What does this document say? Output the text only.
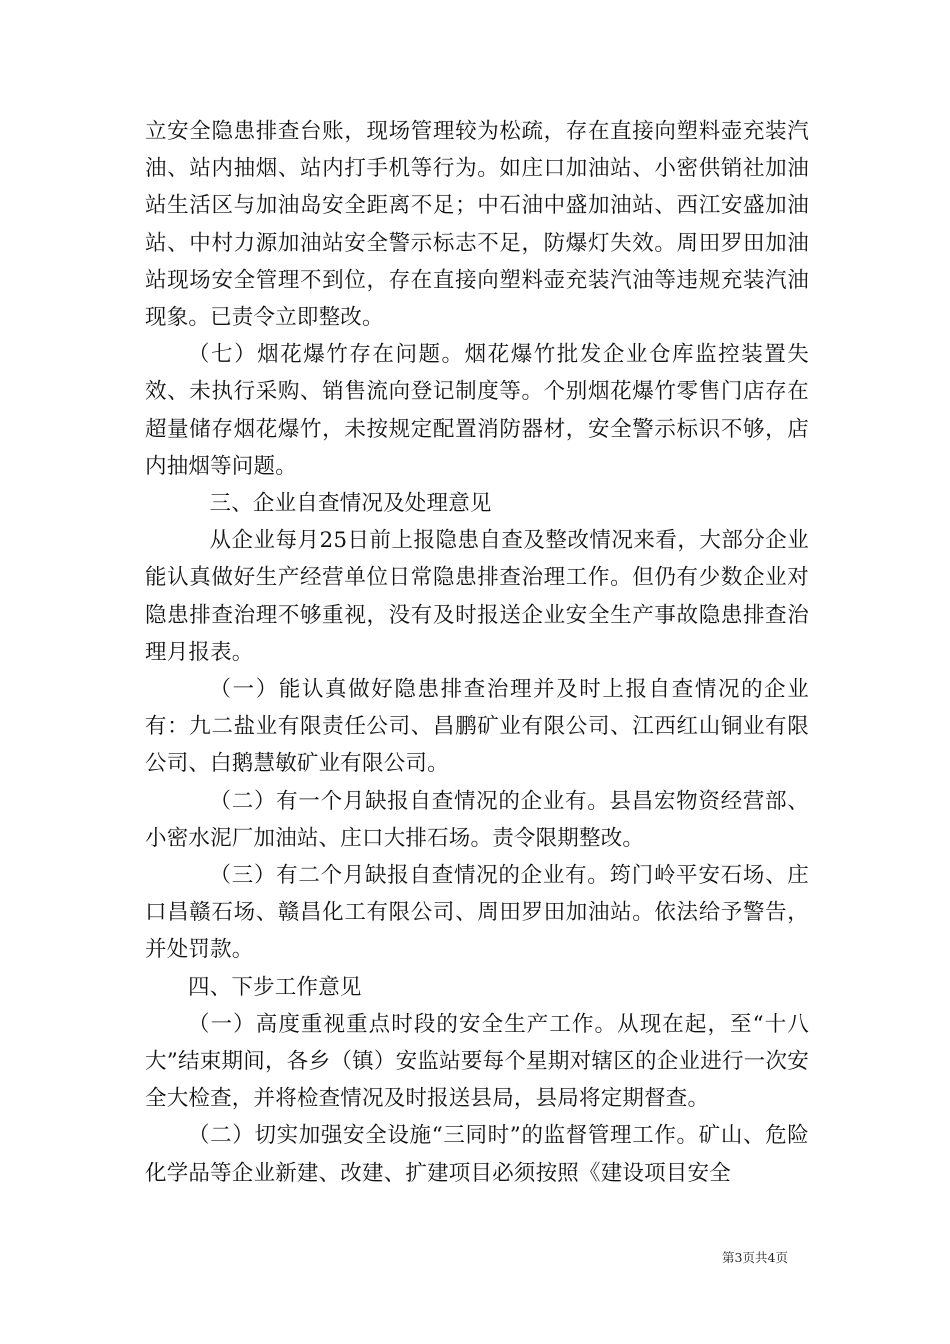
立安全隐患排查台账，现场管理较为松疏，存在直接向塑料壶充装汽油、站内抽烟、站内打手机等行为。如庄口加油站、小密供销社加油站生活区与加油岛安全距离不足；中石油中盛加油站、西江安盛加油站、中村力源加油站安全警示标志不足，防爆灯失效。周田罗田加油站现场安全管理不到位，存在直接向塑料壶充装汽油等违规充装汽油现象。已责令立即整改。

（七）烟花爆竹存在问题。烟花爆竹批发企业仓库监控装置失效、未执行采购、销售流向登记制度等。个别烟花爆竹零售门店存在超量储存烟花爆竹，未按规定配置消防器材，安全警示标识不够，店内抽烟等问题。

三、企业自查情况及处理意见

从企业每月25日前上报隐患自查及整改情况来看，大部分企业能认真做好生产经营单位日常隐患排查治理工作。但仍有少数企业对隐患排查治理不够重视，没有及时报送企业安全生产事故隐患排查治理月报表。

（一）能认真做好隐患排查治理并及时上报自查情况的企业有：九二盐业有限责任公司、昌鹏矿业有限公司、江西红山铜业有限公司、白鹅慧敏矿业有限公司。

（二）有一个月缺报自查情况的企业有。县昌宏物资经营部、小密水泥厂加油站、庄口大排石场。责令限期整改。

（三）有二个月缺报自查情况的企业有。筠门岭平安石场、庄口昌赣石场、赣昌化工有限公司、周田罗田加油站。依法给予警告，并处罚款。

四、下步工作意见

（一）高度重视重点时段的安全生产工作。从现在起，至“十八大”结束期间，各乡（镇）安监站要每个星期对辖区的企业进行一次安全大检查，并将检查情况及时报送县局，县局将定期督查。

（二）切实加强安全设施“三同时”的监督管理工作。矿山、危险化学品等企业新建、改建、扩建项目必须按照《建设项目安全

第3页共4页
